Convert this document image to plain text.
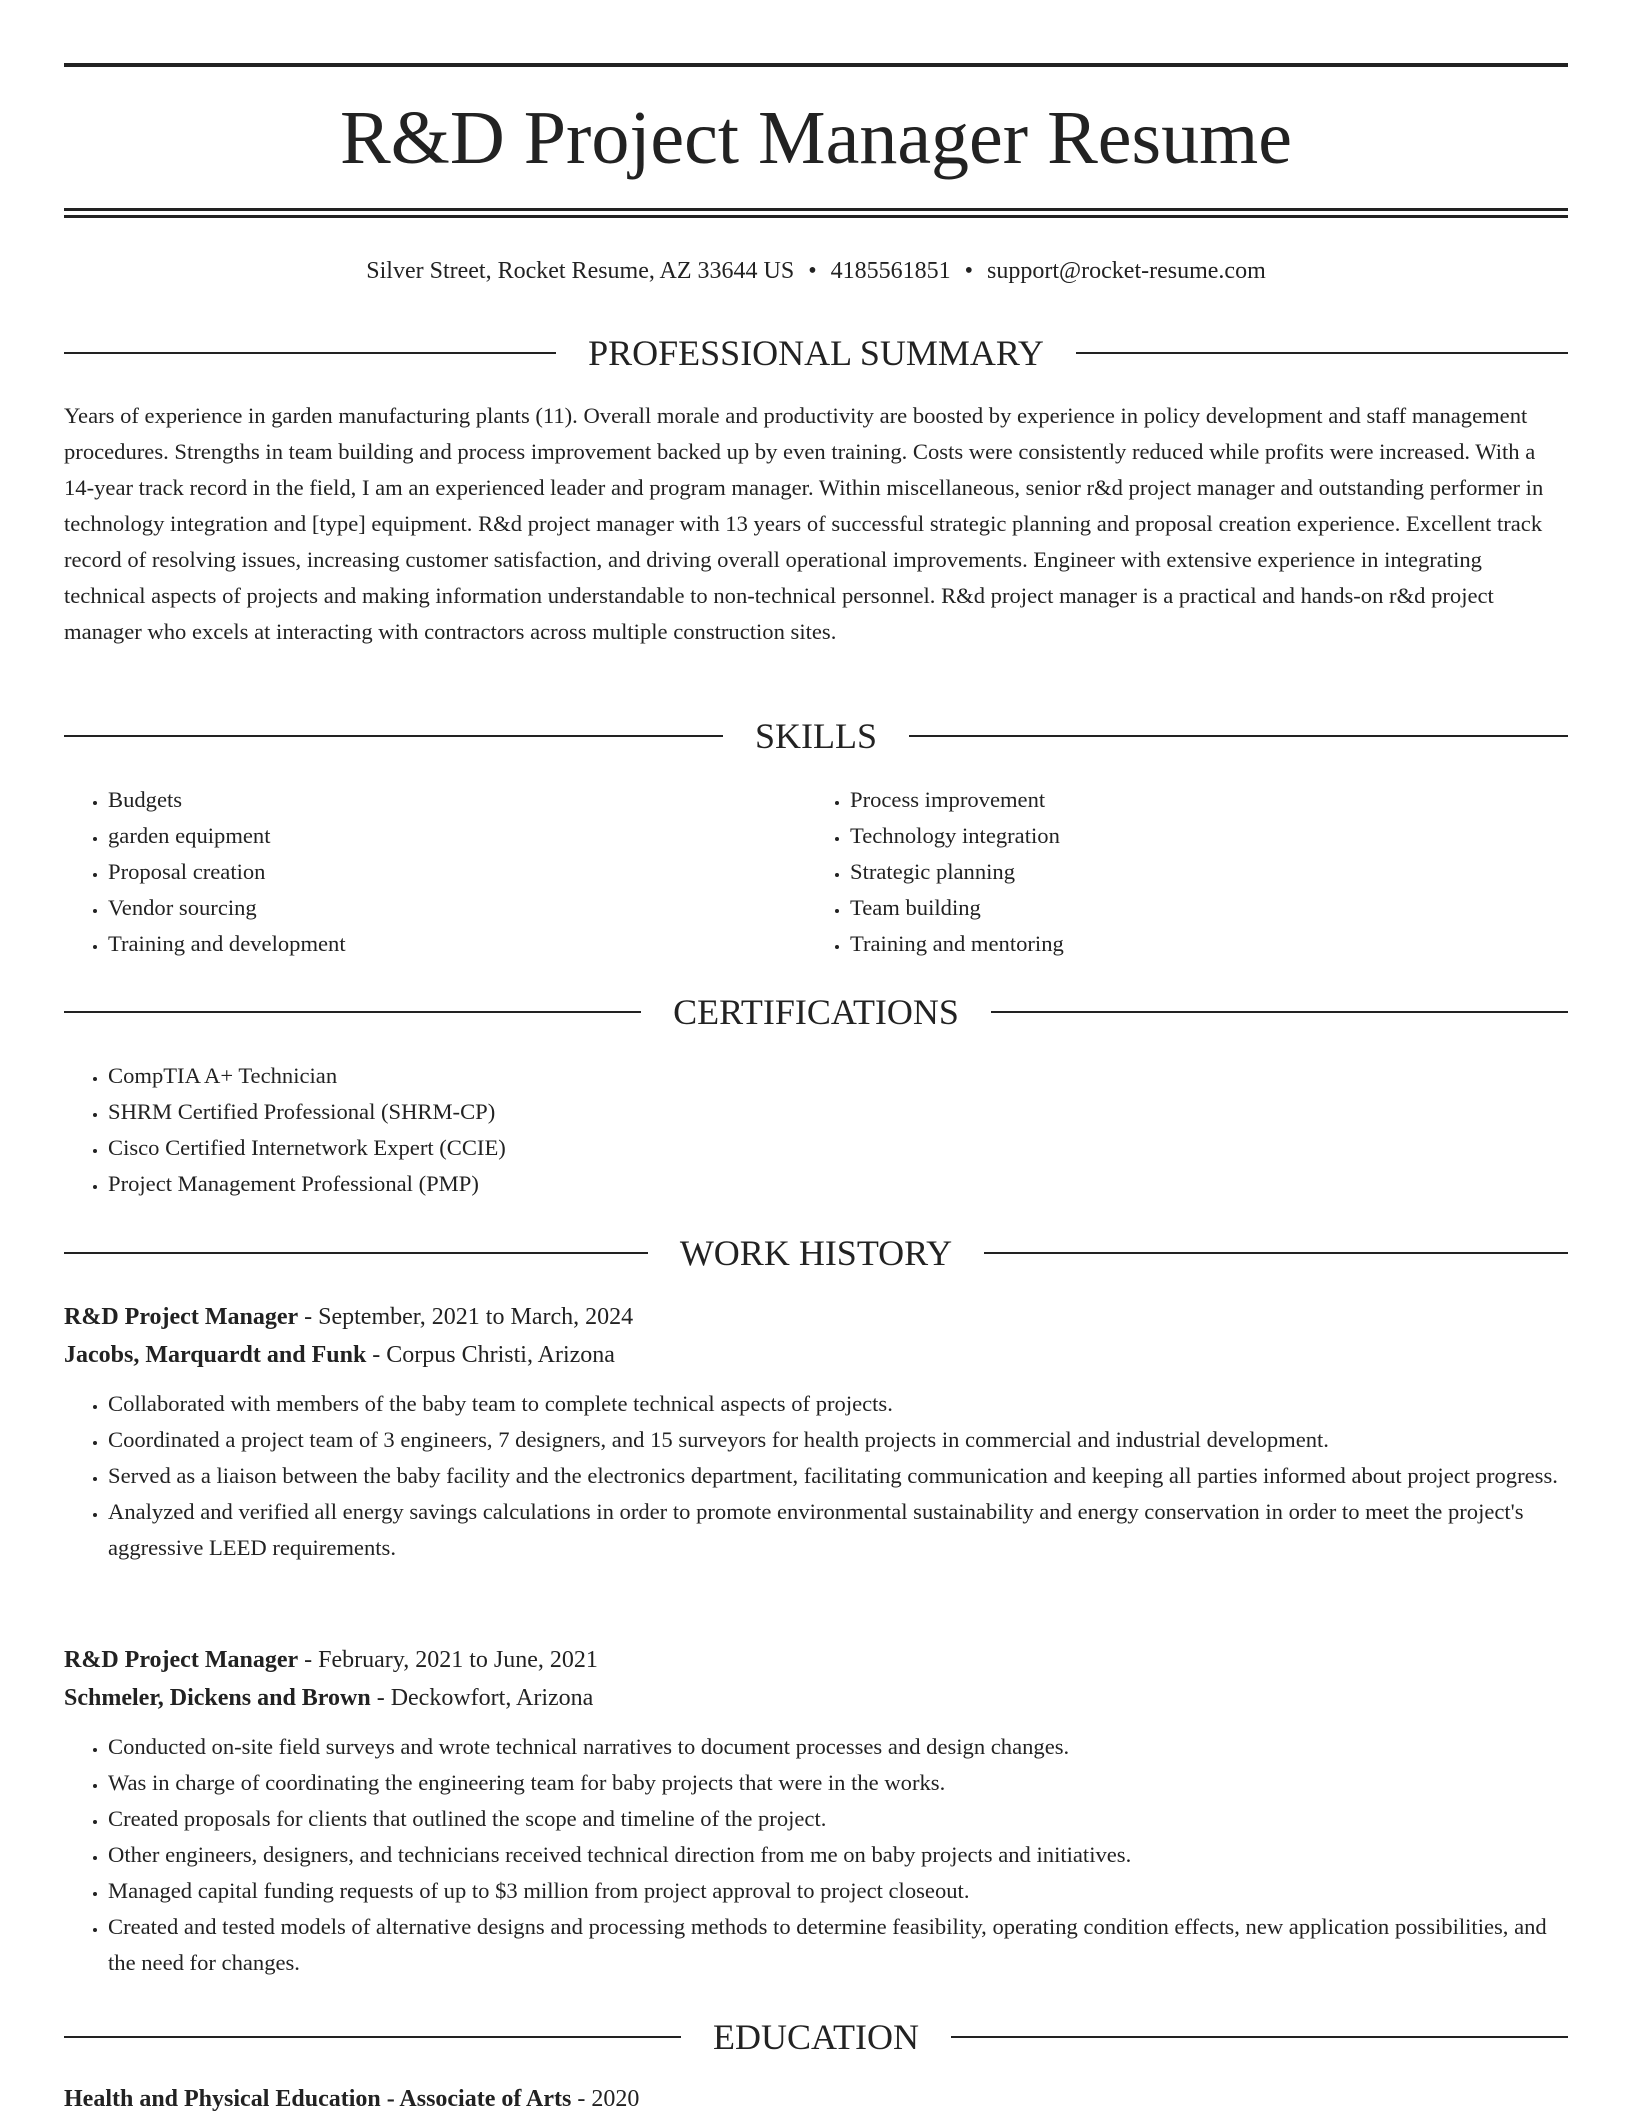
R&D Project Manager Resume
Silver Street, Rocket Resume, AZ 33644 US • 4185561851 • support@rocket-resume.com
PROFESSIONAL SUMMARY

Years of experience in garden manufacturing plants (11). Overall morale and productivity are boosted by experience in policy development and staff management procedures. Strengths in team building and process improvement backed up by even training. Costs were consistently reduced while profits were increased. With a 14-year track record in the field, I am an experienced leader and program manager. Within miscellaneous, senior r&d project manager and outstanding performer in technology integration and [type] equipment. R&d project manager with 13 years of successful strategic planning and proposal creation experience. Excellent track record of resolving issues, increasing customer satisfaction, and driving overall operational improvements. Engineer with extensive experience in integrating technical aspects of projects and making information understandable to non-technical personnel. R&d project manager is a practical and hands-on r&d project manager who excels at interacting with contractors across multiple construction sites.

SKILLS
• Budgets
• garden equipment
• Proposal creation
• Vendor sourcing
• Training and development
• Process improvement
• Technology integration
• Strategic planning
• Team building
• Training and mentoring
CERTIFICATIONS
• CompTIA A+ Technician
• SHRM Certified Professional (SHRM-CP)
• Cisco Certified Internetwork Expert (CCIE)
• Project Management Professional (PMP)
WORK HISTORY
R&D Project Manager - September, 2021 to March, 2024
Jacobs, Marquardt and Funk - Corpus Christi, Arizona
• Collaborated with members of the baby team to complete technical aspects of projects.
• Coordinated a project team of 3 engineers, 7 designers, and 15 surveyors for health projects in commercial and industrial development.
• Served as a liaison between the baby facility and the electronics department, facilitating communication and keeping all parties informed about project progress.
• Analyzed and verified all energy savings calculations in order to promote environmental sustainability and energy conservation in order to meet the project's aggressive LEED requirements.
R&D Project Manager - February, 2021 to June, 2021
Schmeler, Dickens and Brown - Deckowfort, Arizona
• Conducted on-site field surveys and wrote technical narratives to document processes and design changes.
• Was in charge of coordinating the engineering team for baby projects that were in the works.
• Created proposals for clients that outlined the scope and timeline of the project.
• Other engineers, designers, and technicians received technical direction from me on baby projects and initiatives.
• Managed capital funding requests of up to $3 million from project approval to project closeout.
• Created and tested models of alternative designs and processing methods to determine feasibility, operating condition effects, new application possibilities, and the need for changes.
EDUCATION
Health and Physical Education - Associate of Arts - 2020
